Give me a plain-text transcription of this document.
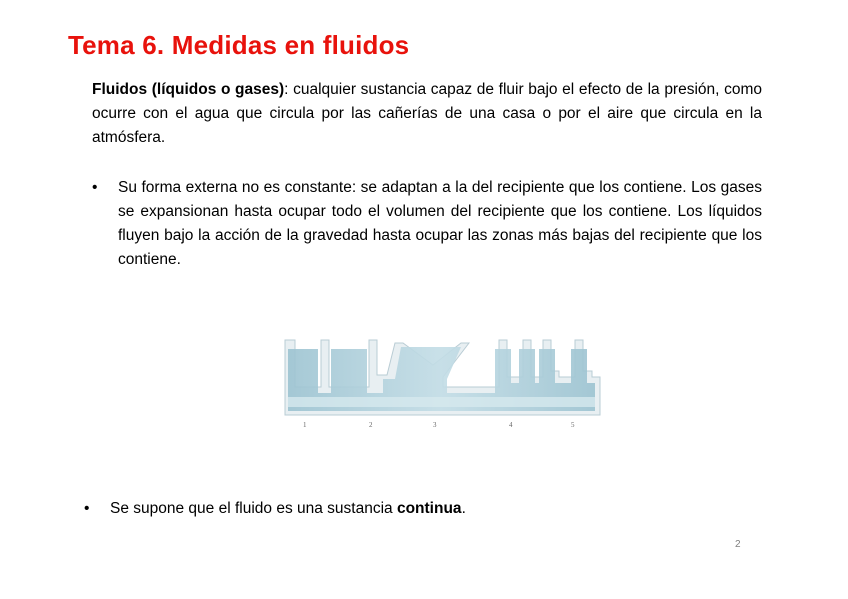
Tema 6. Medidas en fluidos

Fluidos (líquidos o gases): cualquier sustancia capaz de fluir bajo el efecto de la presión, como ocurre con el agua que circula por las cañerías de una casa o por el aire que circula en la atmósfera.

• Su forma externa no es constante: se adaptan a la del recipiente que los contiene. Los gases se expansionan hasta ocupar todo el volumen del recipiente que los contiene. Los líquidos fluyen bajo la acción de la gravedad hasta ocupar las zonas más bajas del recipiente que los contiene.

1	2	3	4	5
• Se supone que el fluido es una sustancia continua.

2
